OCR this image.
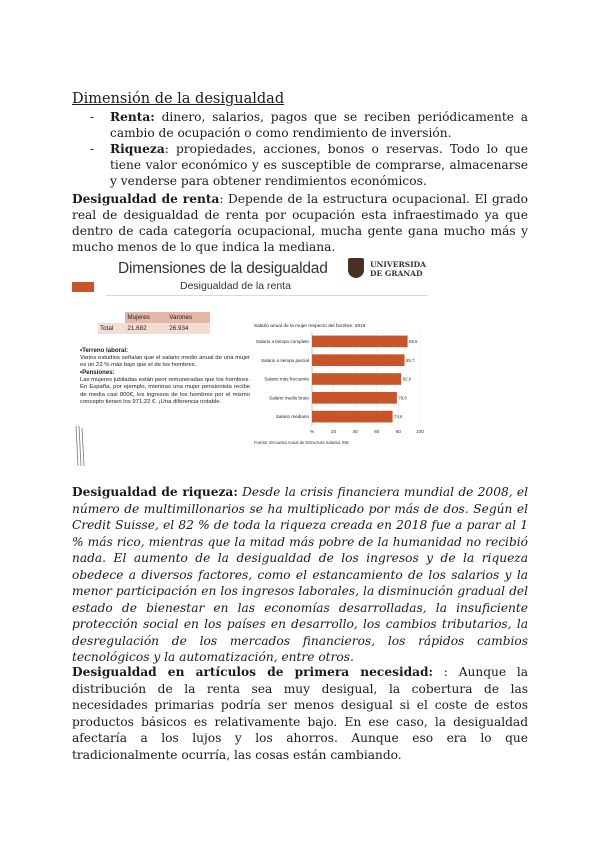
Dimensión de la desigualdad
- Renta: dinero, salarios, pagos que se reciben periódicamente a cambio de ocupación o como rendimiento de inversión.
- Riqueza: propiedades, acciones, bonos o reservas. Todo lo que tiene valor económico y es susceptible de comprarse, almacenarse y venderse para obtener rendimientos económicos.

Desigualdad de renta: Depende de la estructura ocupacional. El grado real de desigualdad de renta por ocupación esta infraestimado ya que dentro de cada categoría ocupacional, mucha gente gana mucho más y mucho menos de lo que indica la mediana.

Dimensiones de la desigualdad	UNIVERSIDA
DE GRANAD
Desigualdad de la renta
	Mujeres	Varones
Total	21.682	26.934
•Terreno laboral:
Varios estudios señalan que el salario medio anual de una mujer es un 22 % más bajo que el de los hombres.
•Pensiones:
Las mujeres jubiladas están peor remuneradas que los hombres. En España, por ejemplo, mientras una mujer pensionista recibe de media casi 800€, los ingresos de los hombres por el mismo concepto tienen los 971,22 €. ¡Una diferencia notable.
Salario anual de la mujer respecto del hombre. 2018
%	20	40	60	80	100
Salario a tiempo completo	88,5
Salario a tiempo parcial	85,7
Salario más frecuente	82,6
Salario medio bruto	78,6
Salario mediano	74,6
Fuente: Encuesta Anual de Estructura Salarial. INE

Desigualdad de riqueza: Desde la crisis financiera mundial de 2008, el número de multimillonarios se ha multiplicado por más de dos. Según el Credit Suisse, el 82 % de toda la riqueza creada en 2018 fue a parar al 1 % más rico, mientras que la mitad más pobre de la humanidad no recibió nada. El aumento de la desigualdad de los ingresos y de la riqueza obedece a diversos factores, como el estancamiento de los salarios y la menor participación en los ingresos laborales, la disminución gradual del estado de bienestar en las economías desarrolladas, la insuficiente protección social en los países en desarrollo, los cambios tributarios, la desregulación de los mercados financieros, los rápidos cambios tecnológicos y la automatización, entre otros.

Desigualdad en artículos de primera necesidad: : Aunque la distribución de la renta sea muy desigual, la cobertura de las necesidades primarias podría ser menos desigual si el coste de estos productos básicos es relativamente bajo. En ese caso, la desigualdad afectaría a los lujos y los ahorros. Aunque eso era lo que tradicionalmente ocurría, las cosas están cambiando.
